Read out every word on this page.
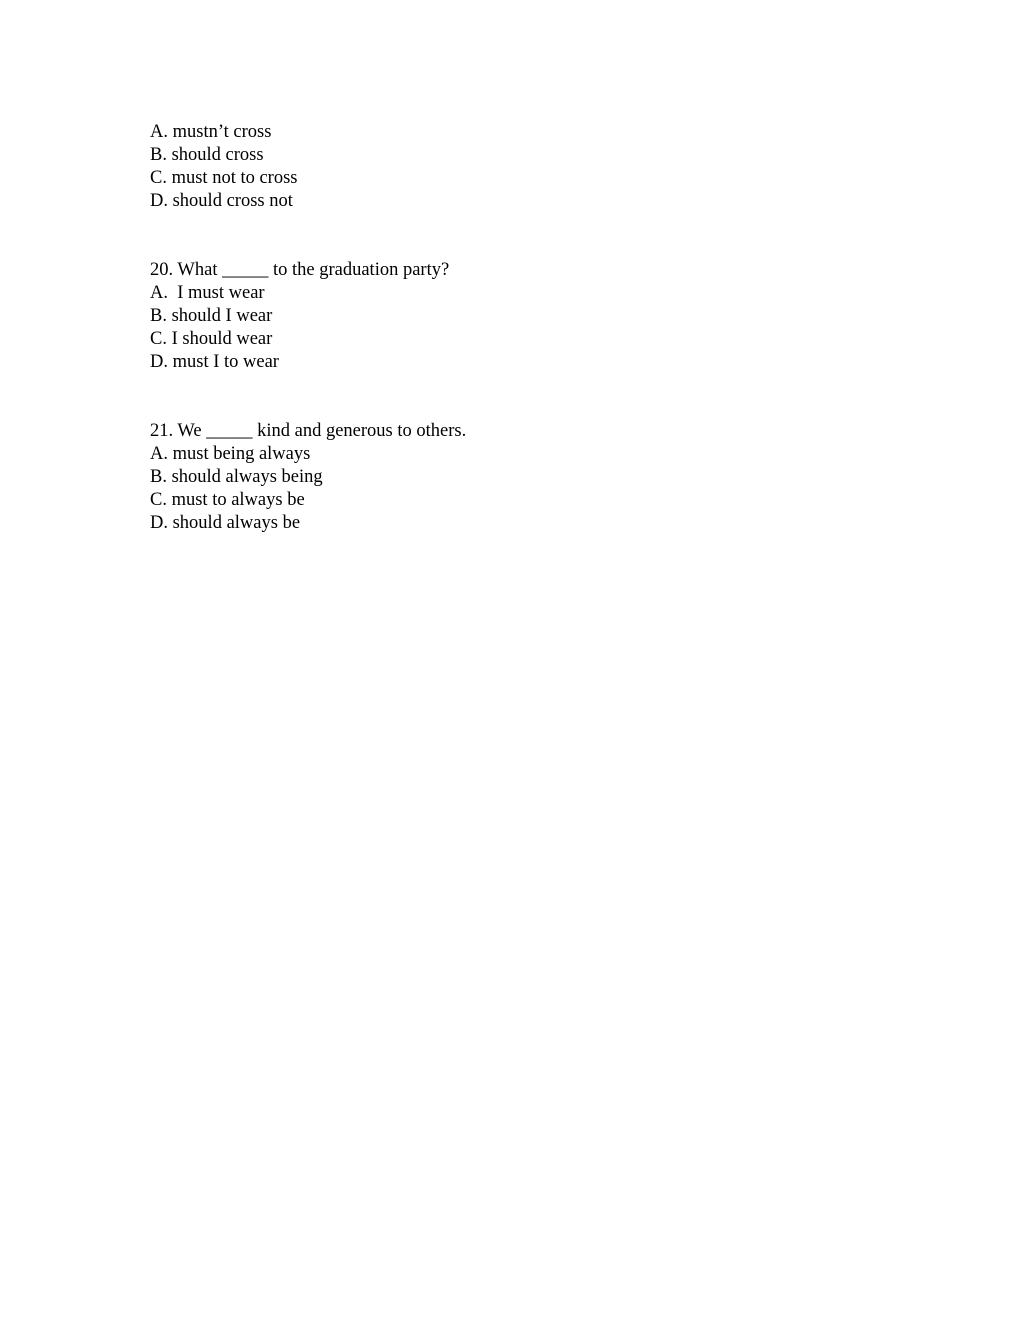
A. mustn’t cross
B. should cross
C. must not to cross
D. should cross not
20. What _____ to the graduation party?
A.  I must wear
B. should I wear
C. I should wear
D. must I to wear
21. We _____ kind and generous to others.
A. must being always
B. should always being
C. must to always be
D. should always be
